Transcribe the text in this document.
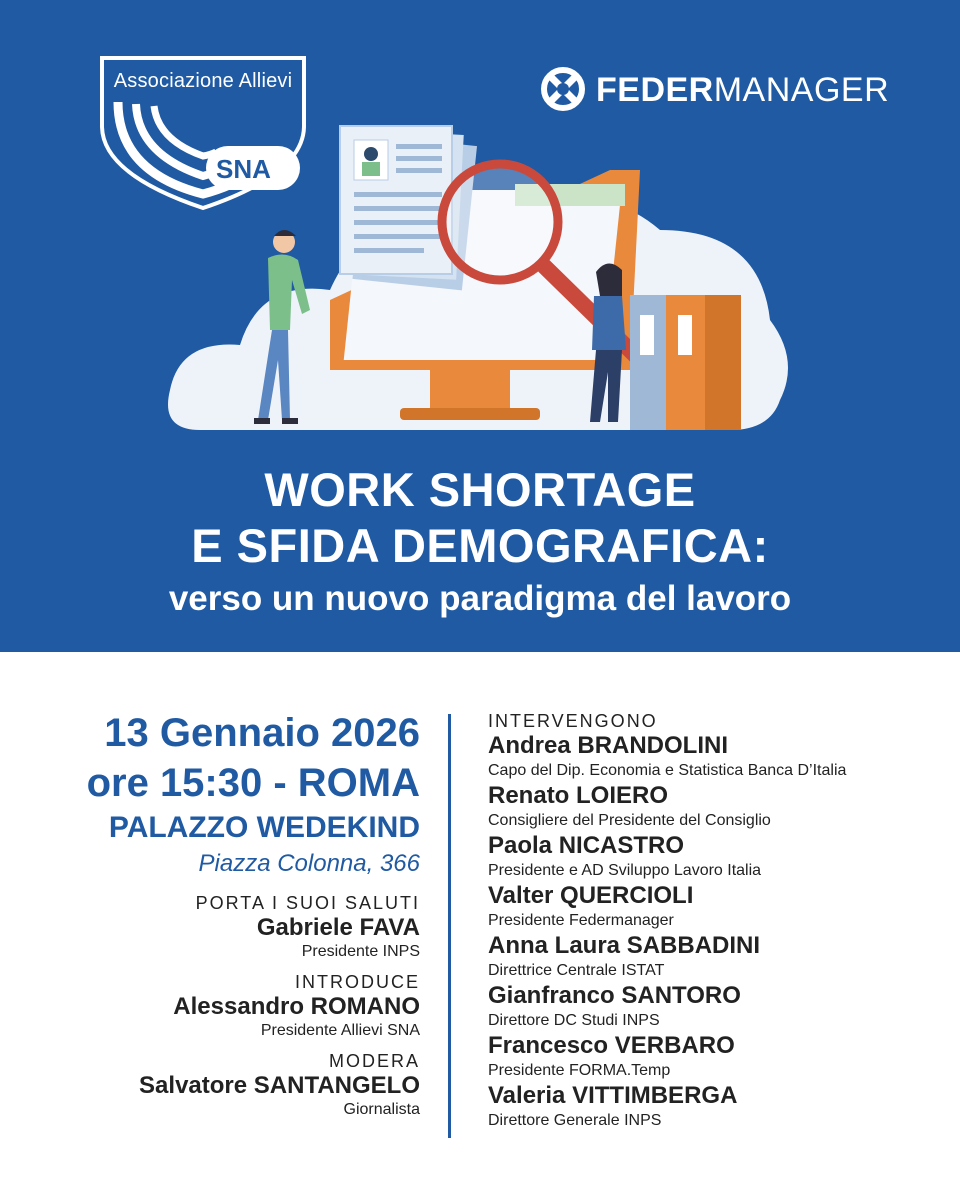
Associazione Allievi
SNA
FEDERMANAGER
WORK SHORTAGE
E SFIDA DEMOGRAFICA:
verso un nuovo paradigma del lavoro
13 Gennaio 2026
ore 15:30 - ROMA
PALAZZO WEDEKIND
Piazza Colonna, 366
PORTA I SUOI SALUTI
Gabriele FAVA
Presidente INPS
INTRODUCE
Alessandro ROMANO
Presidente Allievi SNA
MODERA
Salvatore SANTANGELO
Giornalista
INTERVENGONO
Andrea BRANDOLINI
Capo del Dip. Economia e Statistica Banca D’Italia
Renato LOIERO
Consigliere del Presidente del Consiglio
Paola NICASTRO
Presidente e AD Sviluppo Lavoro Italia
Valter QUERCIOLI
Presidente Federmanager
Anna Laura SABBADINI
Direttrice Centrale ISTAT
Gianfranco SANTORO
Direttore DC Studi INPS
Francesco VERBARO
Presidente FORMA.Temp
Valeria VITTIMBERGA
Direttore Generale INPS
